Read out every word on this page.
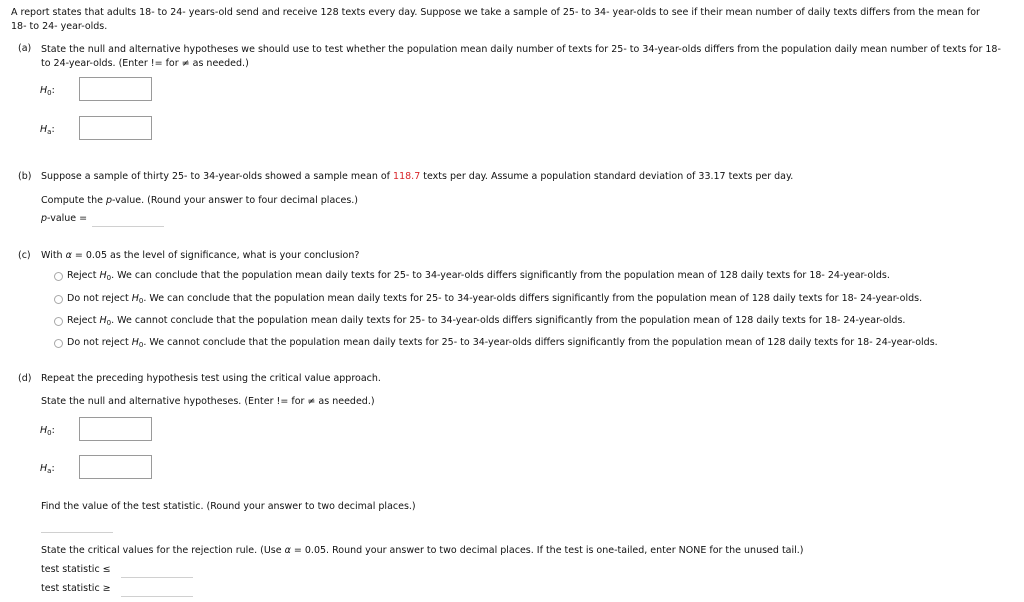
A report states that adults 18- to 24- years-old send and receive 128 texts every day. Suppose we take a sample of 25- to 34- year-olds to see if their mean number of daily texts differs from the mean for 18- to 24- year-olds.
(a) State the null and alternative hypotheses we should use to test whether the population mean daily number of texts for 25- to 34-year-olds differs from the population daily mean number of texts for 18- to 24-year-olds. (Enter != for ≠ as needed.)
$H_0$:
$H_a$:
(b) Suppose a sample of thirty 25- to 34-year-olds showed a sample mean of 118.7 texts per day. Assume a population standard deviation of 33.17 texts per day.
Compute the p-value. (Round your answer to four decimal places.)
p-value =
(c) With α = 0.05 as the level of significance, what is your conclusion?
Reject $H_0$. We can conclude that the population mean daily texts for 25- to 34-year-olds differs significantly from the population mean of 128 daily texts for 18- 24-year-olds.
Do not reject $H_0$. We can conclude that the population mean daily texts for 25- to 34-year-olds differs significantly from the population mean of 128 daily texts for 18- 24-year-olds.
Reject $H_0$. We cannot conclude that the population mean daily texts for 25- to 34-year-olds differs significantly from the population mean of 128 daily texts for 18- 24-year-olds.
Do not reject $H_0$. We cannot conclude that the population mean daily texts for 25- to 34-year-olds differs significantly from the population mean of 128 daily texts for 18- 24-year-olds.
(d) Repeat the preceding hypothesis test using the critical value approach.
State the null and alternative hypotheses. (Enter != for ≠ as needed.)
$H_0$:
$H_a$:
Find the value of the test statistic. (Round your answer to two decimal places.)
State the critical values for the rejection rule. (Use α = 0.05. Round your answer to two decimal places. If the test is one-tailed, enter NONE for the unused tail.)
test statistic ≤
test statistic ≥
